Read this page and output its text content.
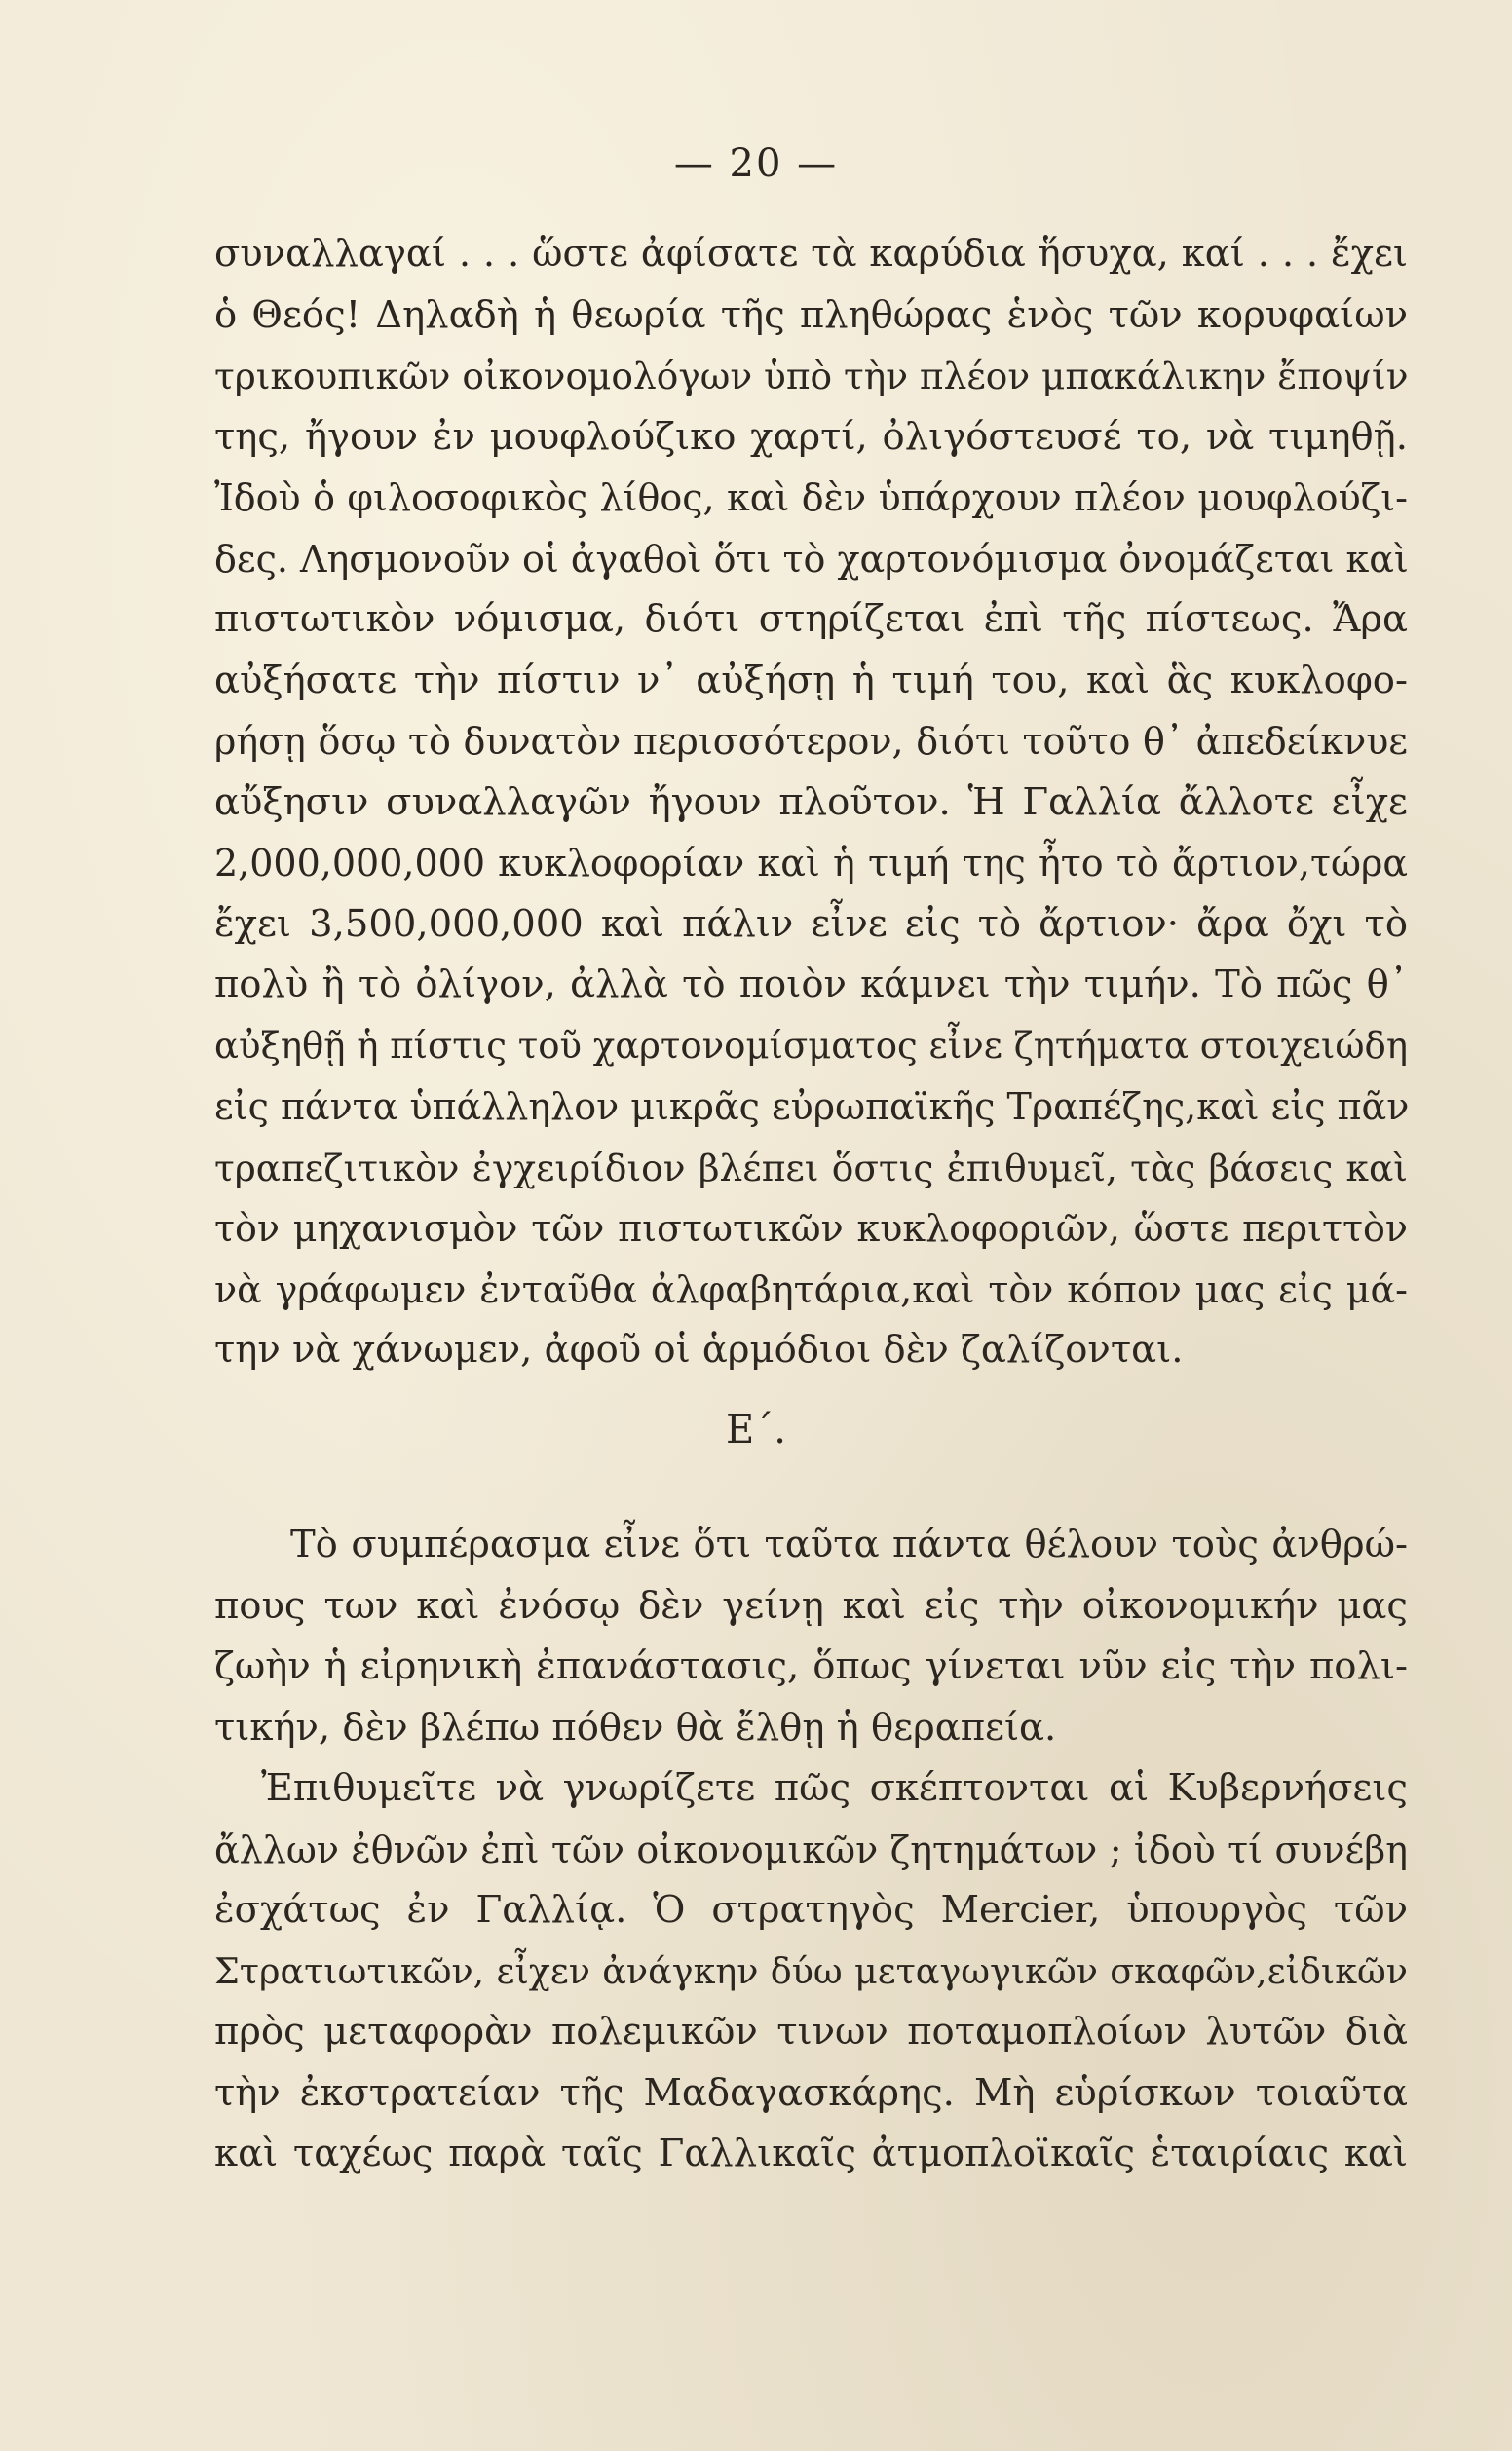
— 20 —
συναλλαγαί . . . ὥστε ἀφίσατε τὰ καρύδια ἥσυχα, καί . . . ἔχει
ὁ Θεός! Δηλαδὴ ἡ θεωρία τῆς πληθώρας ἑνὸς τῶν κορυφαίων
τρικουπικῶν οἰκονομολόγων ὑπὸ τὴν πλέον μπακάλικην ἔποψίν
της, ἤγουν ἐν μουφλούζικο χαρτί, ὀλιγόστευσέ το, νὰ τιμηθῇ.
Ἰδοὺ ὁ φιλοσοφικὸς λίθος, καὶ δὲν ὑπάρχουν πλέον μουφλούζι-
δες. Λησμονοῦν οἱ ἀγαθοὶ ὅτι τὸ χαρτονόμισμα ὀνομάζεται καὶ
πιστωτικὸν νόμισμα, διότι στηρίζεται ἐπὶ τῆς πίστεως. Ἄρα
αὐξήσατε τὴν πίστιν ν᾿ αὐξήσῃ ἡ τιμή του, καὶ ἃς κυκλοφο-
ρήσῃ ὅσῳ τὸ δυνατὸν περισσότερον, διότι τοῦτο θ᾿ ἀπεδείκνυε
αὔξησιν συναλλαγῶν ἤγουν πλοῦτον. Ἡ Γαλλία ἄλλοτε εἶχε
2,000,000,000 κυκλοφορίαν καὶ ἡ τιμή της ἦτο τὸ ἄρτιον,τώρα
ἔχει 3,500,000,000 καὶ πάλιν εἶνε εἰς τὸ ἄρτιον· ἄρα ὄχι τὸ
πολὺ ἢ τὸ ὀλίγον, ἀλλὰ τὸ ποιὸν κάμνει τὴν τιμήν. Τὸ πῶς θ᾿
αὐξηθῇ ἡ πίστις τοῦ χαρτονομίσματος εἶνε ζητήματα στοιχειώδη
εἰς πάντα ὑπάλληλον μικρᾶς εὐρωπαϊκῆς Τραπέζης,καὶ εἰς πᾶν
τραπεζιτικὸν ἐγχειρίδιον βλέπει ὅστις ἐπιθυμεῖ, τὰς βάσεις καὶ
τὸν μηχανισμὸν τῶν πιστωτικῶν κυκλοφοριῶν, ὥστε περιττὸν
νὰ γράφωμεν ἐνταῦθα ἀλφαβητάρια,καὶ τὸν κόπον μας εἰς μά-
την νὰ χάνωμεν, ἀφοῦ οἱ ἁρμόδιοι δὲν ζαλίζονται.
Ε΄.
Τὸ συμπέρασμα εἶνε ὅτι ταῦτα πάντα θέλουν τοὺς ἀνθρώ-
πους των καὶ ἐνόσῳ δὲν γείνῃ καὶ εἰς τὴν οἰκονομικήν μας
ζωὴν ἡ εἰρηνικὴ ἐπανάστασις, ὅπως γίνεται νῦν εἰς τὴν πολι-
τικήν, δὲν βλέπω πόθεν θὰ ἔλθῃ ἡ θεραπεία.
Ἐπιθυμεῖτε νὰ γνωρίζετε πῶς σκέπτονται αἱ Κυβερνήσεις
ἄλλων ἐθνῶν ἐπὶ τῶν οἰκονομικῶν ζητημάτων ; ἰδοὺ τί συνέβη
ἐσχάτως ἐν Γαλλίᾳ. Ὁ στρατηγὸς Mercier, ὑπουργὸς τῶν
Στρατιωτικῶν, εἶχεν ἀνάγκην δύω μεταγωγικῶν σκαφῶν,εἰδικῶν
πρὸς μεταφορὰν πολεμικῶν τινων ποταμοπλοίων λυτῶν διὰ
τὴν ἐκστρατείαν τῆς Μαδαγασκάρης. Μὴ εὑρίσκων τοιαῦτα
καὶ ταχέως παρὰ ταῖς Γαλλικαῖς ἀτμοπλοϊκαῖς ἑταιρίαις καὶ
